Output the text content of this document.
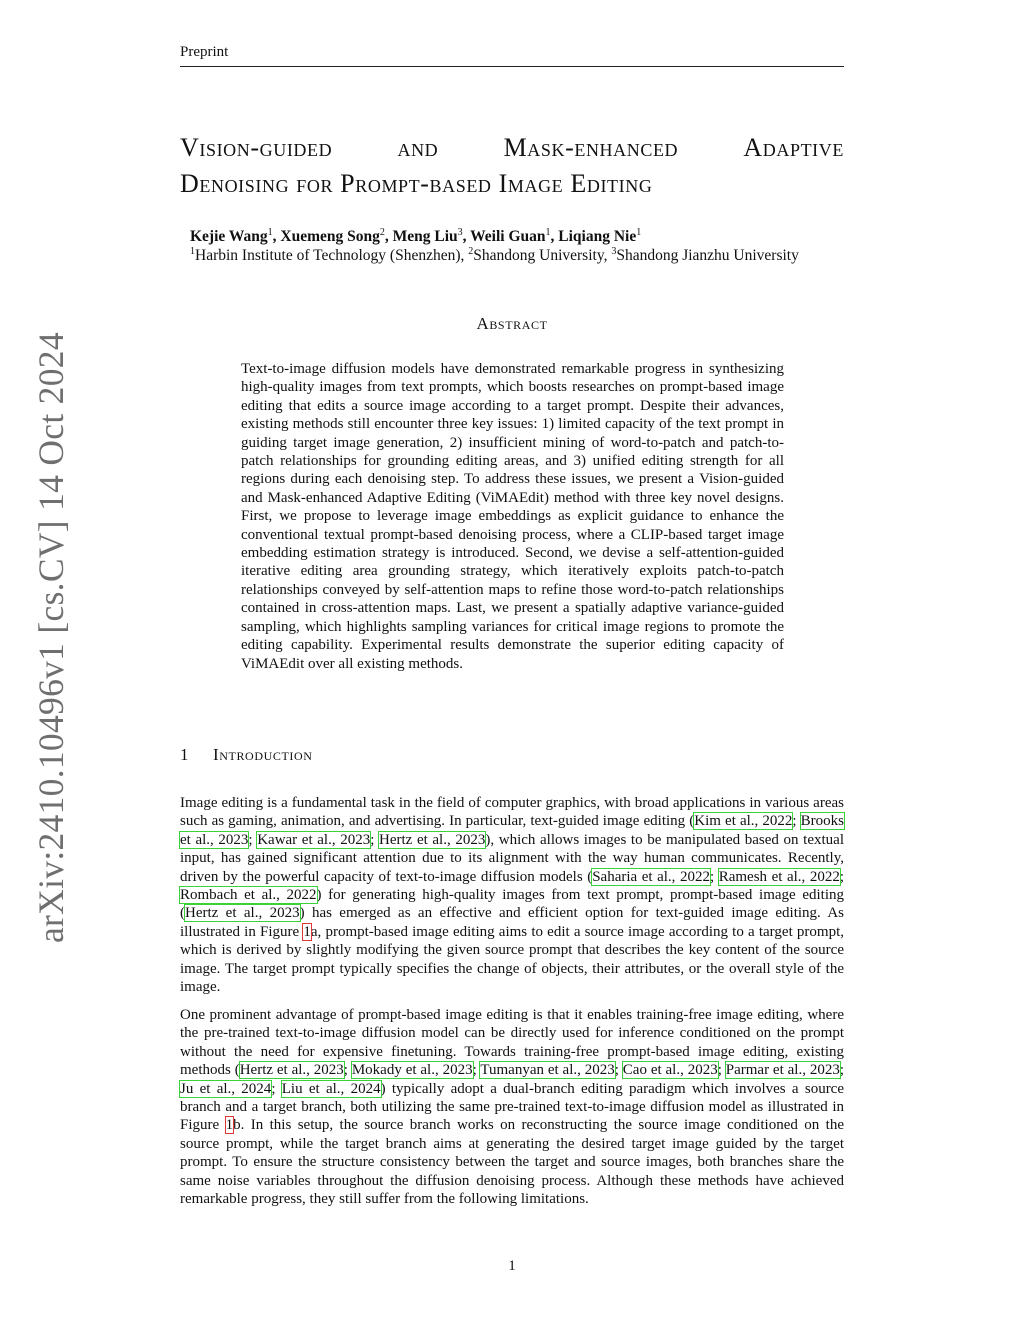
Preprint
arXiv:2410.10496v1 [cs.CV] 14 Oct 2024
Vision-guided	and	Mask-enhanced	Adaptive
Denoising for Prompt-based Image Editing
Kejie Wang$^1$, Xuemeng Song$^2$, Meng Liu$^3$, Weili Guan$^1$, Liqiang Nie$^1$
$^1$Harbin Institute of Technology (Shenzhen), $^2$Shandong University, $^3$Shandong Jianzhu University
Abstract
Text-to-image diffusion models have demonstrated remarkable progress in synthesizing high-quality images from text prompts, which boosts researches on prompt-based image editing that edits a source image according to a target prompt. Despite their advances, existing methods still encounter three key issues: 1) limited capacity of the text prompt in guiding target image generation, 2) insufficient mining of word-to-patch and patch-to-patch relationships for grounding editing areas, and 3) unified editing strength for all regions during each denoising step. To address these issues, we present a Vision-guided and Mask-enhanced Adaptive Editing (ViMAEdit) method with three key novel designs. First, we propose to leverage image embeddings as explicit guidance to enhance the conventional textual prompt-based denoising process, where a CLIP-based target image embedding estimation strategy is introduced. Second, we devise a self-attention-guided iterative editing area grounding strategy, which iteratively exploits patch-to-patch relationships conveyed by self-attention maps to refine those word-to-patch relationships contained in cross-attention maps. Last, we present a spatially adaptive variance-guided sampling, which highlights sampling variances for critical image regions to promote the editing capability. Experimental results demonstrate the superior editing capacity of ViMAEdit over all existing methods.
1 Introduction
Image editing is a fundamental task in the field of computer graphics, with broad applications in various areas such as gaming, animation, and advertising. In particular, text-guided image editing (Kim et al., 2022; Brooks et al., 2023; Kawar et al., 2023; Hertz et al., 2023), which allows images to be manipulated based on textual input, has gained significant attention due to its alignment with the way human communicates. Recently, driven by the powerful capacity of text-to-image diffusion models (Saharia et al., 2022; Ramesh et al., 2022; Rombach et al., 2022) for generating high-quality images from text prompt, prompt-based image editing (Hertz et al., 2023) has emerged as an effective and efficient option for text-guided image editing. As illustrated in Figure 1a, prompt-based image editing aims to edit a source image according to a target prompt, which is derived by slightly modifying the given source prompt that describes the key content of the source image. The target prompt typically specifies the change of objects, their attributes, or the overall style of the image.
One prominent advantage of prompt-based image editing is that it enables training-free image editing, where the pre-trained text-to-image diffusion model can be directly used for inference conditioned on the prompt without the need for expensive finetuning. Towards training-free prompt-based image editing, existing methods (Hertz et al., 2023; Mokady et al., 2023; Tumanyan et al., 2023; Cao et al., 2023; Parmar et al., 2023; Ju et al., 2024; Liu et al., 2024) typically adopt a dual-branch editing paradigm which involves a source branch and a target branch, both utilizing the same pre-trained text-to-image diffusion model as illustrated in Figure 1b. In this setup, the source branch works on reconstructing the source image conditioned on the source prompt, while the target branch aims at generating the desired target image guided by the target prompt. To ensure the structure consistency between the target and source images, both branches share the same noise variables throughout the diffusion denoising process. Although these methods have achieved remarkable progress, they still suffer from the following limitations.
1
